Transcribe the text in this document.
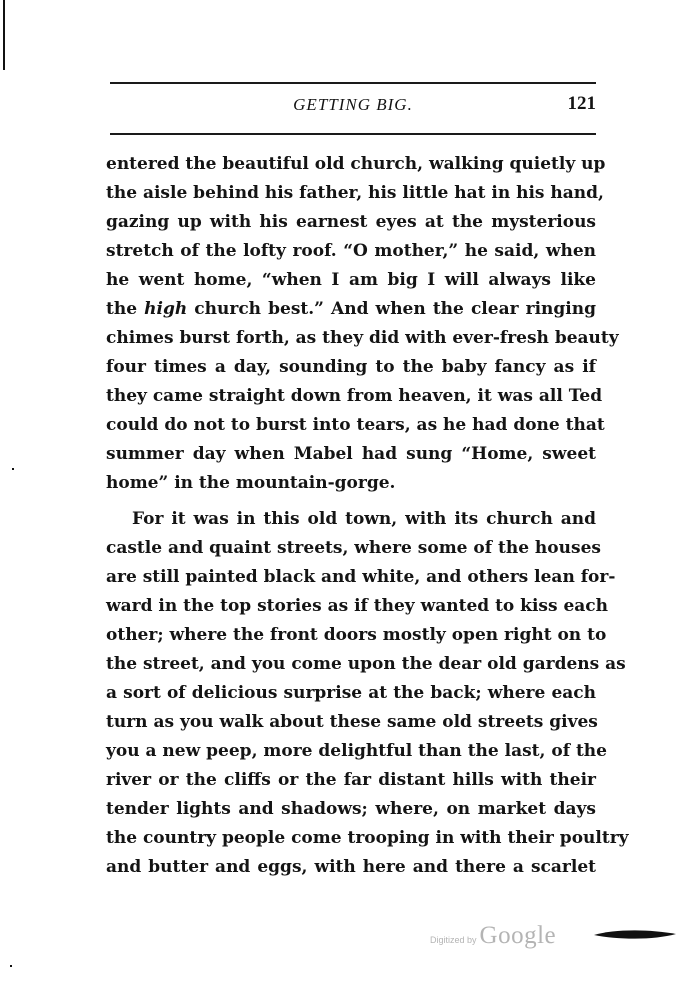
GETTING BIG.	121
entered the beautiful old church, walking quietly up
the aisle behind his father, his little hat in his hand,
gazing up with his earnest eyes at the mysterious
stretch of the lofty roof. “O mother,” he said, when
he went home, “when I am big I will always like
the high church best.” And when the clear ringing
chimes burst forth, as they did with ever-fresh beauty
four times a day, sounding to the baby fancy as if
they came straight down from heaven, it was all Ted
could do not to burst into tears, as he had done that
summer day when Mabel had sung “Home, sweet
home” in the mountain-gorge.
For it was in this old town, with its church and
castle and quaint streets, where some of the houses
are still painted black and white, and others lean for-
ward in the top stories as if they wanted to kiss each
other; where the front doors mostly open right on to
the street, and you come upon the dear old gardens as
a sort of delicious surprise at the back; where each
turn as you walk about these same old streets gives
you a new peep, more delightful than the last, of the
river or the cliffs or the far distant hills with their
tender lights and shadows; where, on market days
the country people come trooping in with their poultry
and butter and eggs, with here and there a scarlet
Digitized by Google
